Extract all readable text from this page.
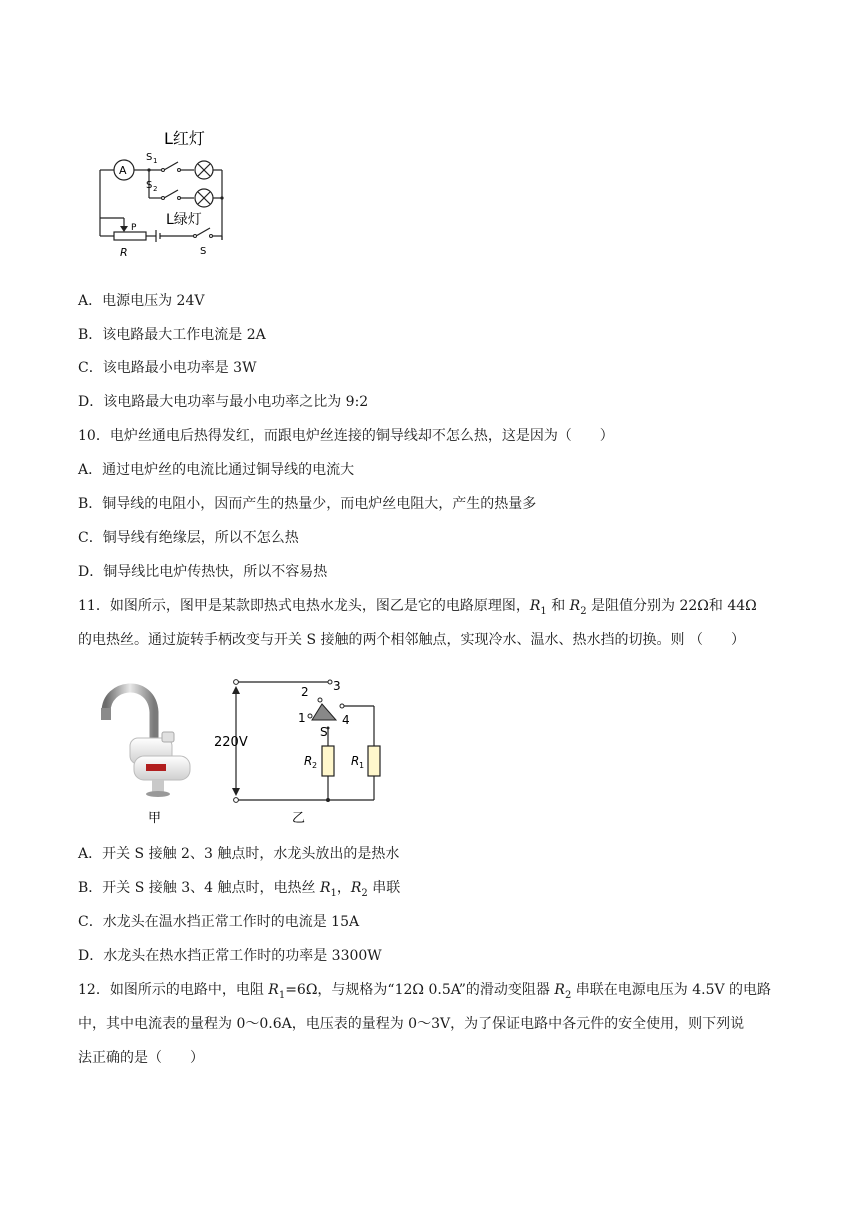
A
S 1
S 2
L红灯
L绿灯
P
R	S
A．电源电压为 24V
B．该电路最大工作电流是 2A
C．该电路最小电功率是 3W
D．该电路最大电功率与最小电功率之比为 9:2
10．电炉丝通电后热得发红，而跟电炉丝连接的铜导线却不怎么热，这是因为（　　）
A．通过电炉丝的电流比通过铜导线的电流大
B．铜导线的电阻小，因而产生的热量少，而电炉丝电阻大，产生的热量多
C．铜导线有绝缘层，所以不怎么热
D．铜导线比电炉传热快，所以不容易热
11．如图所示，图甲是某款即热式电热水龙头，图乙是它的电路原理图，$R_1$ 和 $R_2$ 是阻值分别为 22Ω和 44Ω
的电热丝。通过旋转手柄改变与开关 S 接触的两个相邻触点，实现冷水、温水、热水挡的切换。则 （　　）
甲
220V
1
2 3
4
S
R 2	R 1
乙
A．开关 S 接触 2、3 触点时，水龙头放出的是热水
B．开关 S 接触 3、4 触点时，电热丝 $R_1$，$R_2$ 串联
C．水龙头在温水挡正常工作时的电流是 15A
D．水龙头在热水挡正常工作时的功率是 3300W
12．如图所示的电路中，电阻 $R_1=6\Omega$，与规格为“12Ω 0.5A”的滑动变阻器 $R_2$ 串联在电源电压为 4.5V 的电路
中，其中电流表的量程为 0～0.6A，电压表的量程为 0～3V，为了保证电路中各元件的安全使用，则下列说
法正确的是（　　）
